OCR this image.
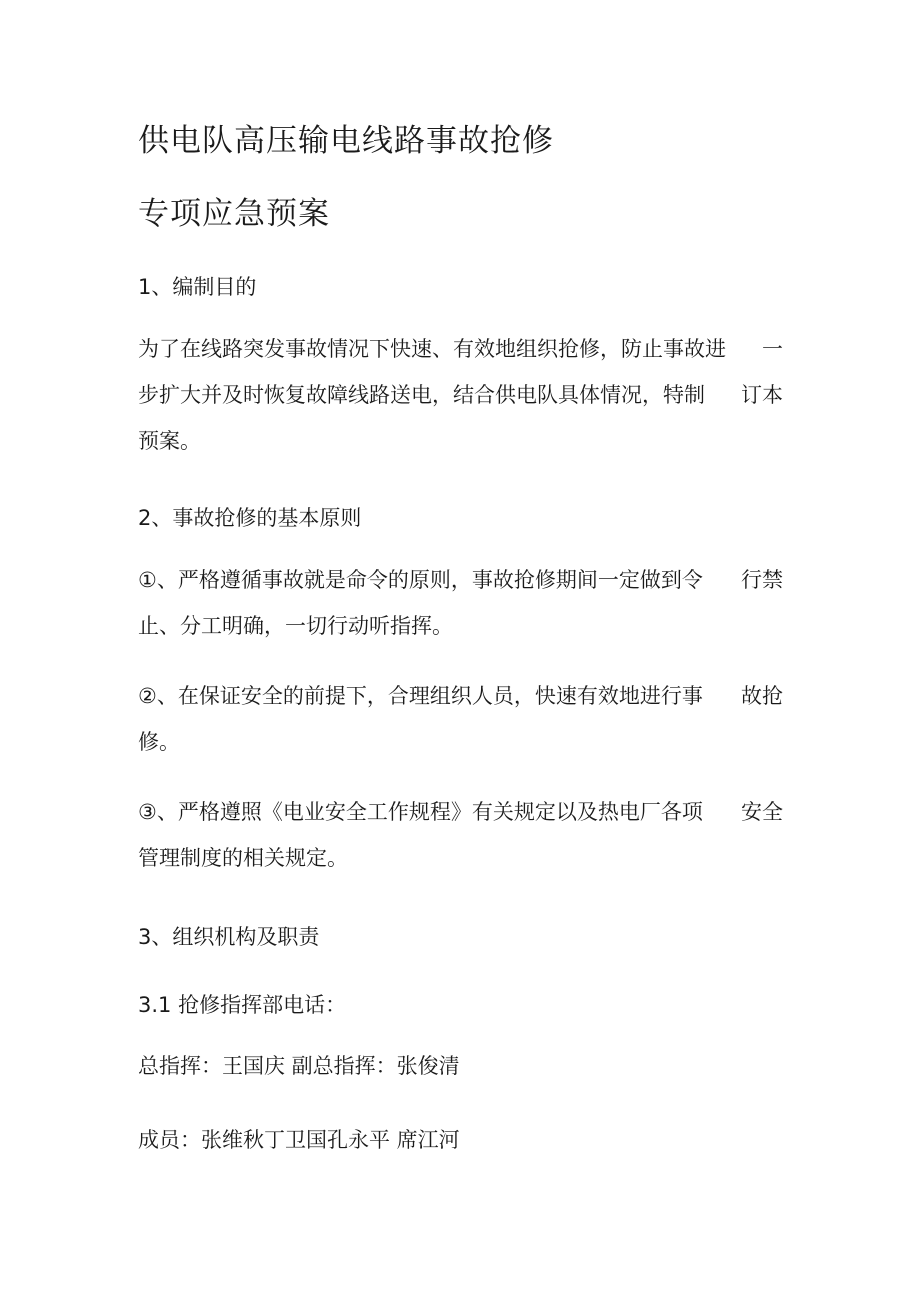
供电队高压输电线路事故抢修

专项应急预案

1、编制目的

为了在线路突发事故情况下快速、有效地组织抢修，防止事故进 一

步扩大并及时恢复故障线路送电，结合供电队具体情况，特制 订本

预案。

2、事故抢修的基本原则

①、严格遵循事故就是命令的原则，事故抢修期间一定做到令 行禁

止、分工明确，一切行动听指挥。

②、在保证安全的前提下，合理组织人员，快速有效地进行事 故抢

修。

③、严格遵照《电业安全工作规程》有关规定以及热电厂各项 安全

管理制度的相关规定。

3、组织机构及职责

3.1 抢修指挥部电话：

总指挥：王国庆 副总指挥：张俊清

成员：张维秋丁卫国孔永平 席江河
